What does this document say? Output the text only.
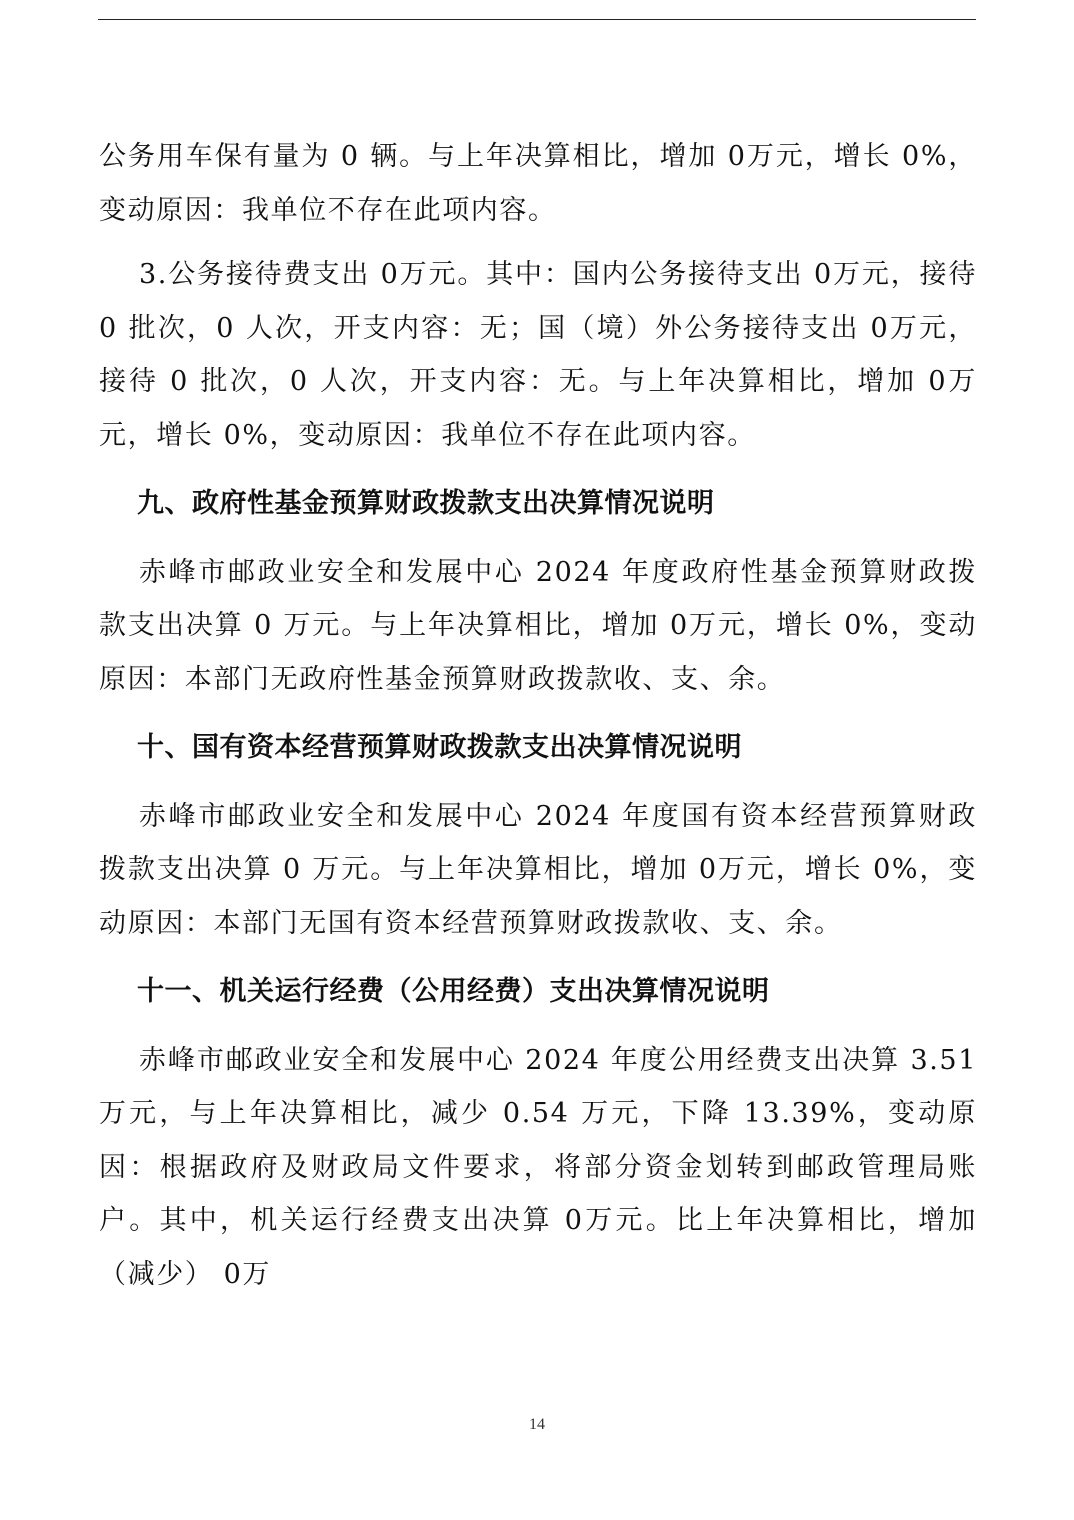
公务用车保有量为 0 辆。与上年决算相比，增加 0万元，增长 0%，变动原因：我单位不存在此项内容。

3.公务接待费支出 0万元。其中：国内公务接待支出 0万元，接待 0 批次，0 人次，开支内容：无；国（境）外公务接待支出 0万元，接待 0 批次，0 人次，开支内容：无。与上年决算相比，增加 0万元，增长 0%，变动原因：我单位不存在此项内容。

九、政府性基金预算财政拨款支出决算情况说明

赤峰市邮政业安全和发展中心 2024 年度政府性基金预算财政拨款支出决算 0 万元。与上年决算相比，增加 0万元，增长 0%，变动原因：本部门无政府性基金预算财政拨款收、支、余。

十、国有资本经营预算财政拨款支出决算情况说明

赤峰市邮政业安全和发展中心 2024 年度国有资本经营预算财政拨款支出决算 0 万元。与上年决算相比，增加 0万元，增长 0%，变动原因：本部门无国有资本经营预算财政拨款收、支、余。

十一、机关运行经费（公用经费）支出决算情况说明

赤峰市邮政业安全和发展中心 2024 年度公用经费支出决算 3.51 万元，与上年决算相比，减少 0.54 万元，下降 13.39%，变动原因：根据政府及财政局文件要求，将部分资金划转到邮政管理局账户。其中，机关运行经费支出决算 0万元。比上年决算相比，增加（减少） 0万

14
